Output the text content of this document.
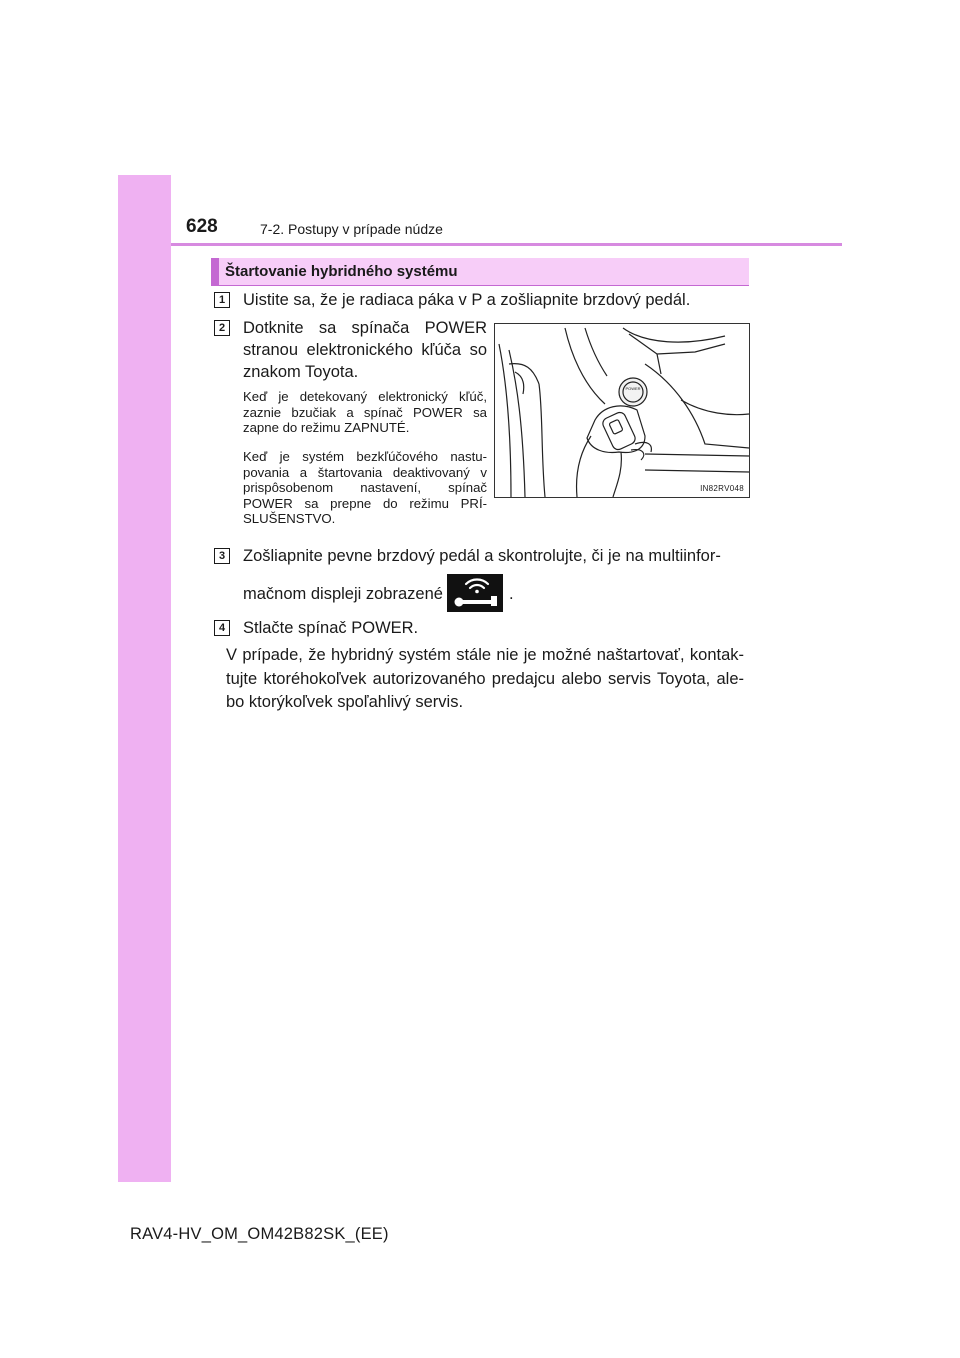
628	7-2. Postupy v prípade núdze
Štartovanie hybridného systému
1 Uistite sa, že je radiaca páka v P a zošliapnite brzdový pedál.
2 Dotknite sa spínača POWER stranou elektronického kľúča so znakom Toyota.
Keď je detekovaný elektronický kľúč, zaznie bzučiak a spínač POWER sa zapne do režimu ZAPNUTÉ.
Keď je systém bezkľúčového nastu-povania a štartovania deaktivovaný v prispôsobenom nastavení, spínač POWER sa prepne do režimu PRÍ-SLUŠENSTVO.
POWER
IN82RV048
3 Zošliapnite pevne brzdový pedál a skontrolujte, či je na multiinfor-
mačnom displeji zobrazené	.
4 Stlačte spínač POWER.
V prípade, že hybridný systém stále nie je možné naštartovať, kontak-tujte ktoréhokoľvek autorizovaného predajcu alebo servis Toyota, ale-bo ktorýkoľvek spoľahlivý servis.
RAV4-HV_OM_OM42B82SK_(EE)
